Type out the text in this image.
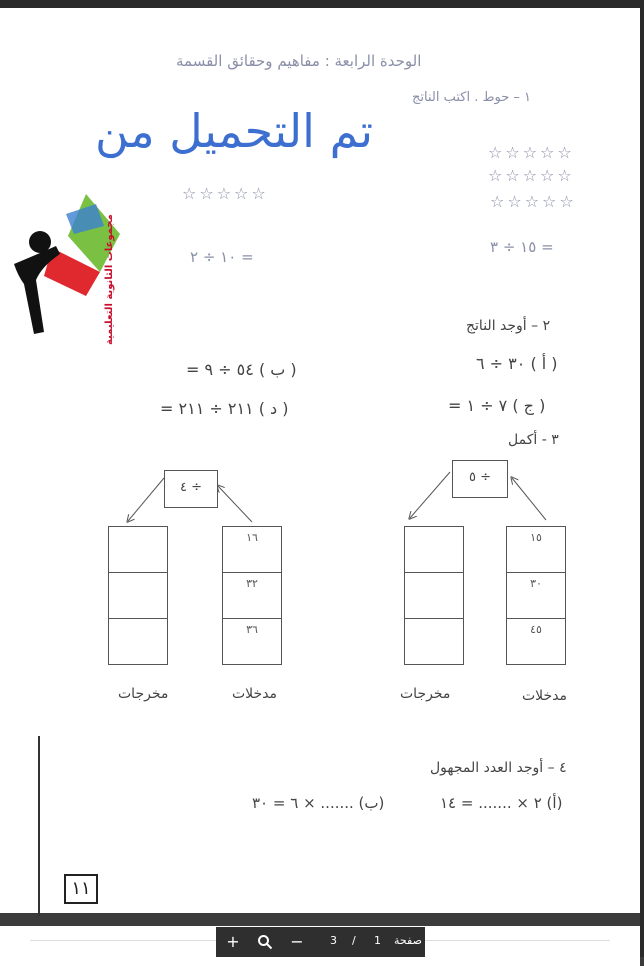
الوحدة الرابعة : مفاهيم وحقائق القسمة
١ – حوط . اكتب الناتج
تم التحميل من
مجموعات الثانوية التعليمية
☆☆☆☆☆
☆☆☆☆☆
☆☆☆☆☆
☆☆☆☆☆
= ١٥ ÷ ٣
= ١٠ ÷ ٢
٢ – أوجد الناتج
( أ ) ٣٠ ÷ ٦
( ب ) ٥٤ ÷ ٩ =
( ج ) ٧ ÷ ١ =
( د ) ٢١١ ÷ ٢١١ =
٣ - أكمل
÷ ٤
١٦
٣٢
٣٦
÷ ٥
١٥
٣٠
٤٥
مخرجات	مدخلات	مخرجات	مدخلات
٤ – أوجد العدد المجهول
(أ) ٢ × ....... = ١٤
(ب) ....... × ٦ = ٣٠
١١
+	−	3 / 1 صفحة
